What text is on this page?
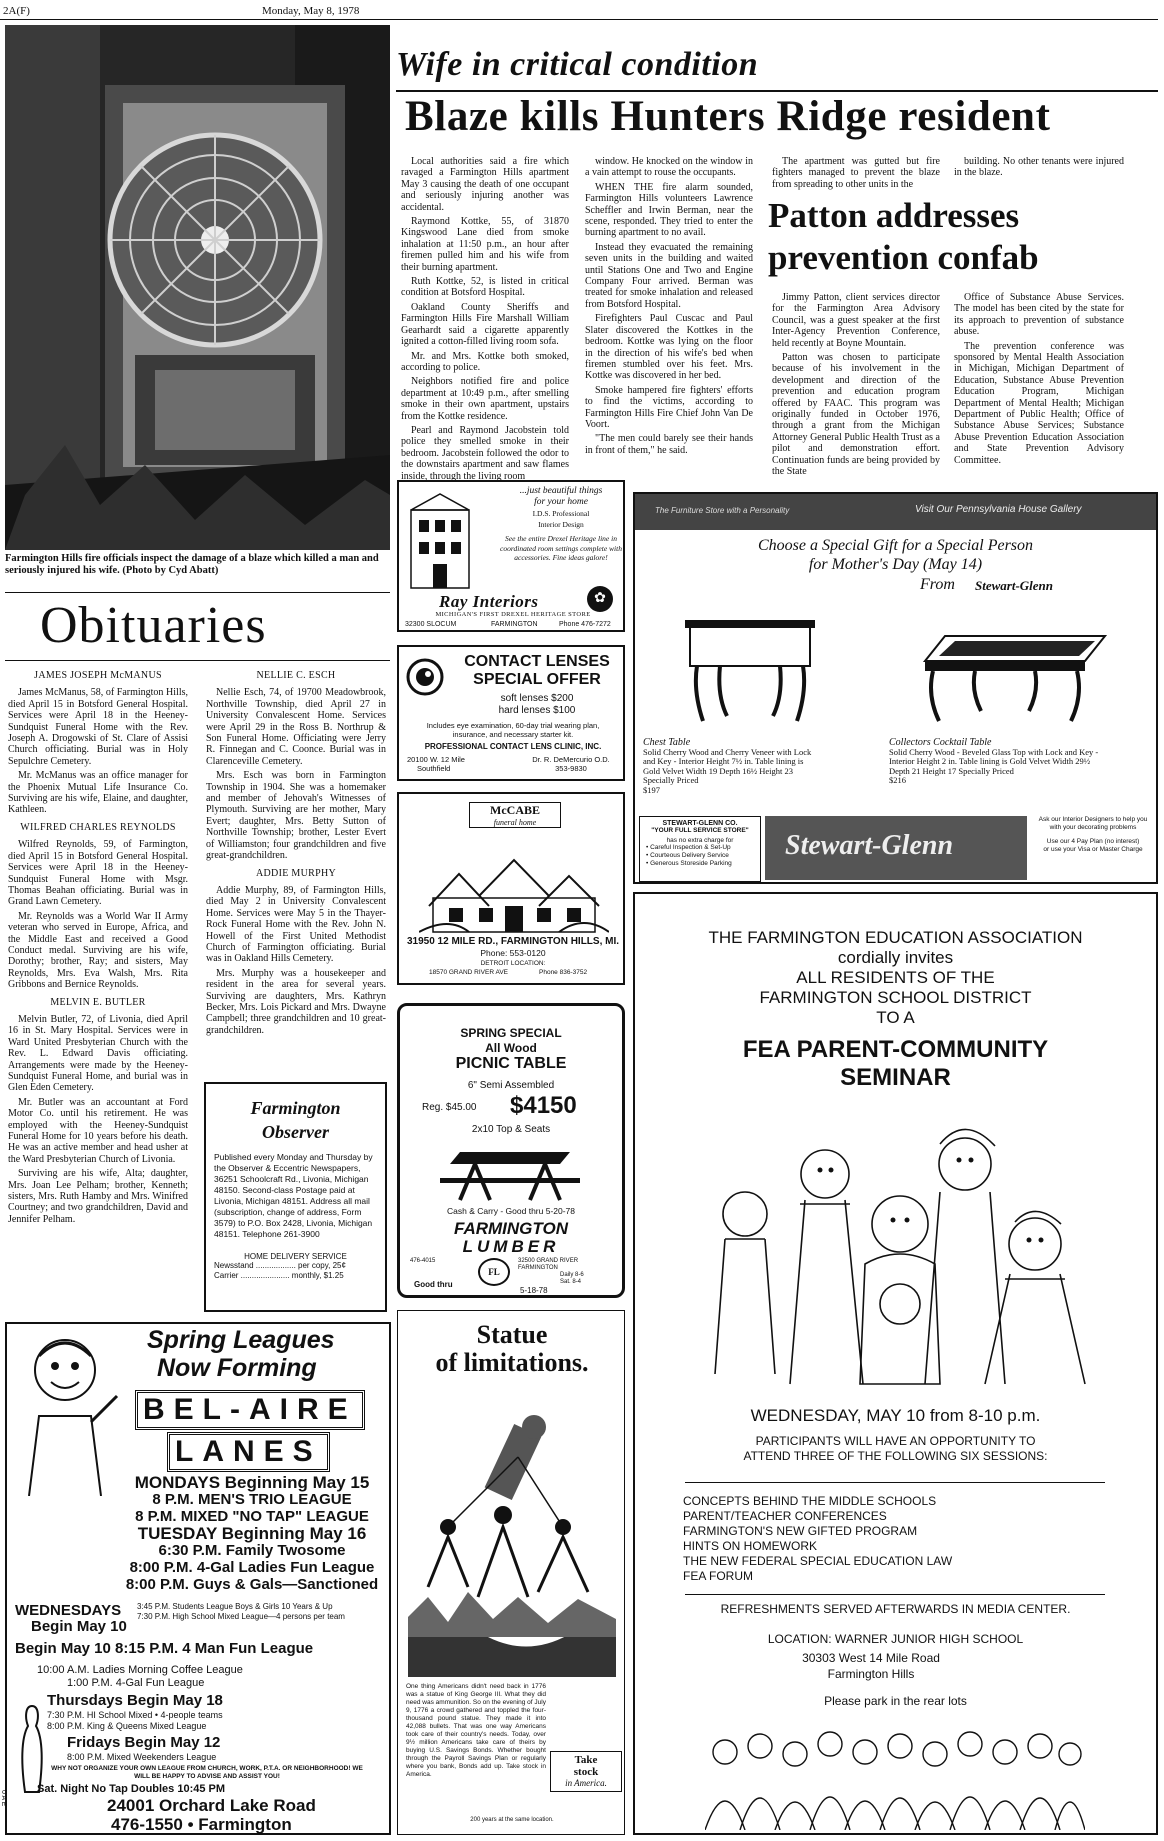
2A(F)	Monday, May 8, 1978
Farmington Hills fire officials inspect the damage of a blaze which killed a man and seriously injured his wife. (Photo by Cyd Abatt)
Wife in critical condition
Blaze kills Hunters Ridge resident

Local authorities said a fire which ravaged a Farmington Hills apartment May 3 causing the death of one occupant and seriously injuring another was accidental.

Raymond Kottke, 55, of 31870 Kingswood Lane died from smoke inhalation at 11:50 p.m., an hour after firemen pulled him and his wife from their burning apartment.

Ruth Kottke, 52, is listed in critical condition at Botsford Hospital.

Oakland County Sheriffs and Farmington Hills Fire Marshall William Gearhardt said a cigarette apparently ignited a cotton-filled living room sofa.

Mr. and Mrs. Kottke both smoked, according to police.

Neighbors notified fire and police department at 10:49 p.m., after smelling smoke in their own apartment, upstairs from the Kottke residence.

Pearl and Raymond Jacobstein told police they smelled smoke in their bedroom. Jacobstein followed the odor to the downstairs apartment and saw flames inside, through the living room

window. He knocked on the window in a vain attempt to rouse the occupants.

WHEN THE fire alarm sounded, Farmington Hills volunteers Lawrence Scheffler and Irwin Berman, near the scene, responded. They tried to enter the burning apartment to no avail.

Instead they evacuated the remaining seven units in the building and waited until Stations One and Two and Engine Company Four arrived. Berman was treated for smoke inhalation and released from Botsford Hospital.

Firefighters Paul Cuscac and Paul Slater discovered the Kottkes in the bedroom. Kottke was lying on the floor in the direction of his wife's bed when firemen stumbled over his feet. Mrs. Kottke was discovered in her bed.

Smoke hampered fire fighters' efforts to find the victims, according to Farmington Hills Fire Chief John Van De Voort.

"The men could barely see their hands in front of them," he said.

The apartment was gutted but fire fighters managed to prevent the blaze from spreading to other units in the

building. No other tenants were injured in the blaze.

Patton addresses
prevention confab

Jimmy Patton, client services director for the Farmington Area Advisory Council, was a guest speaker at the first Inter-Agency Prevention Conference, held recently at Boyne Mountain.

Patton was chosen to participate because of his involvement in the development and direction of the prevention and education program offered by FAAC. This program was originally funded in October 1976, through a grant from the Michigan Attorney General Public Health Trust as a pilot and demonstration effort. Continuation funds are being provided by the State

Office of Substance Abuse Services. The model has been cited by the state for its approach to prevention of substance abuse.

The prevention conference was sponsored by Mental Health Association in Michigan, Michigan Department of Education, Substance Abuse Prevention Education Program, Michigan Department of Mental Health; Michigan Department of Public Health; Office of Substance Abuse Services; Substance Abuse Prevention Education Association and State Prevention Advisory Committee.

Obituaries
JAMES JOSEPH McMANUS

James McManus, 58, of Farmington Hills, died April 15 in Botsford General Hospital. Services were April 18 in the Heeney-Sundquist Funeral Home with the Rev. Joseph A. Drogowski of St. Clare of Assisi Church officiating. Burial was in Holy Sepulchre Cemetery.

Mr. McManus was an office manager for the Phoenix Mutual Life Insurance Co. Surviving are his wife, Elaine, and daughter, Kathleen.

WILFRED CHARLES REYNOLDS

Wilfred Reynolds, 59, of Farmington, died April 15 in Botsford General Hospital. Services were April 18 in the Heeney-Sundquist Funeral Home with Msgr. Thomas Beahan officiating. Burial was in Grand Lawn Cemetery.

Mr. Reynolds was a World War II Army veteran who served in Europe, Africa, and the Middle East and received a Good Conduct medal. Surviving are his wife, Dorothy; brother, Ray; and sisters, May Reynolds, Mrs. Eva Walsh, Mrs. Rita Gribbons and Bernice Reynolds.

MELVIN E. BUTLER

Melvin Butler, 72, of Livonia, died April 16 in St. Mary Hospital. Services were in Ward United Presbyterian Church with the Rev. L. Edward Davis officiating. Arrangements were made by the Heeney-Sundquist Funeral Home, and burial was in Glen Eden Cemetery.

Mr. Butler was an accountant at Ford Motor Co. until his retirement. He was employed with the Heeney-Sundquist Funeral Home for 10 years before his death. He was an active member and head usher at the Ward Presbyterian Church of Livonia.

Surviving are his wife, Alta; daughter, Mrs. Joan Lee Pelham; brother, Kenneth; sisters, Mrs. Ruth Hamby and Mrs. Winifred Courtney; and two grandchildren, David and Jennifer Pelham.

NELLIE C. ESCH

Nellie Esch, 74, of 19700 Meadowbrook, Northville Township, died April 27 in University Convalescent Home. Services were April 29 in the Ross B. Northrup & Son Funeral Home. Officiating were Jerry R. Finnegan and C. Coonce. Burial was in Clarenceville Cemetery.

Mrs. Esch was born in Farmington Township in 1904. She was a homemaker and member of Jehovah's Witnesses of Plymouth. Surviving are her mother, Mary Evert; daughter, Mrs. Betty Sutton of Northville Township; brother, Lester Evert of Williamston; four grandchildren and five great-grandchildren.

ADDIE MURPHY

Addie Murphy, 89, of Farmington Hills, died May 2 in University Convalescent Home. Services were May 5 in the Thayer-Rock Funeral Home with the Rev. John N. Howell of the First United Methodist Church of Farmington officiating. Burial was in Oakland Hills Cemetery.

Mrs. Murphy was a housekeeper and resident in the area for several years. Surviving are daughters, Mrs. Kathryn Becker, Mrs. Lois Pickard and Mrs. Dwayne Campbell; three grandchildren and 10 great-grandchildren.

Farmington
Observer
Published every Monday and Thursday by the Observer & Eccentric Newspapers, 36251 Schoolcraft Rd., Livonia, Michigan 48150. Second-class Postage paid at Livonia, Michigan 48151. Address all mail (subscription, change of address, Form 3579) to P.O. Box 2428, Livonia, Michigan 48151. Telephone 261-3900
HOME DELIVERY SERVICE
Newsstand .................. per copy, 25¢
Carrier ...................... monthly, $1.25
Spring Leagues
Now Forming
BEL-AIRE
LANES
MONDAYS Beginning May 15
8 P.M. MEN'S TRIO LEAGUE
8 P.M. MIXED "NO TAP" LEAGUE
TUESDAY Beginning May 16
6:30 P.M. Family Twosome
8:00 P.M. 4-Gal Ladies Fun League
8:00 P.M. Guys & Gals—Sanctioned
WEDNESDAYS 3:45 P.M. Students League Boys & Girls 10 Years & Up
7:30 P.M. High School Mixed League—4 persons per team
Begin May 10
Begin May 10 8:15 P.M. 4 Man Fun League
10:00 A.M. Ladies Morning Coffee League
1:00 P.M. 4-Gal Fun League
Thursdays Begin May 18
7:30 P.M. HI School Mixed • 4-people teams
8:00 P.M. King & Queens Mixed League
Fridays Begin May 12
8:00 P.M. Mixed Weekenders League
WHY NOT ORGANIZE YOUR OWN LEAGUE FROM CHURCH, WORK, P.T.A. OR NEIGHBORHOOD! WE WILL BE HAPPY TO ADVISE AND ASSIST YOU!
Sat. Night No Tap Doubles 10:45 PM
24001 Orchard Lake Road
476-1550 • Farmington
...just beautiful things
for your home
I.D.S. Professional
Interior Design
See the entire Drexel Heritage line in coordinated room settings complete with accessories. Fine ideas galore!
Ray Interiors	✿
MICHIGAN'S FIRST DREXEL HERITAGE STORE
32300 SLOCUM	FARMINGTON	Phone 476-7272
CONTACT LENSES
SPECIAL OFFER
soft lenses $200
hard lenses $100
Includes eye examination, 60-day trial wearing plan, insurance, and necessary starter kit.
PROFESSIONAL CONTACT LENS CLINIC, INC.
20100 W. 12 Mile
Southfield
Dr. R. DeMercurio O.D.
353-9830
McCABE
funeral home
31950 12 MILE RD., FARMINGTON HILLS, MI.
Phone: 553-0120
DETROIT LOCATION:
18570 GRAND RIVER AVE	Phone 836-3752
SPRING SPECIAL
All Wood
PICNIC TABLE
6" Semi Assembled
Reg. $45.00 $4150
2x10 Top & Seats
Cash & Carry - Good thru 5-20-78
FARMINGTON
LUMBER
476-4015
FL
32500 GRAND RIVER FARMINGTON
Daily 8-6
Sat. 8-4
Good thru
5-18-78
Statue
of limitations.
One thing Americans didn't need back in 1776 was a statue of King George III. What they did need was ammunition. So on the evening of July 9, 1776 a crowd gathered and toppled the four-thousand pound statue. They made it into 42,088 bullets. That was one way Americans took care of their country's needs. Today, over 9½ million Americans take care of theirs by buying U.S. Savings Bonds. Whether bought through the Payroll Savings Plan or regularly where you bank, Bonds add up. Take stock in America.
Take
stock
in America.
200 years at the same location.
The Furniture Store with a Personality	Visit Our Pennsylvania House Gallery
Choose a Special Gift for a Special Person
for Mother's Day (May 14)
From Stewart-Glenn
Chest Table
Solid Cherry Wood and Cherry Veneer with Lock and Key - Interior Height 7½ in. Table lining is Gold Velvet Width 19 Depth 16½ Height 23 Specially Priced
$197
Collectors Cocktail Table
Solid Cherry Wood - Beveled Glass Top with Lock and Key - Interior Height 2 in. Table lining is Gold Velvet Width 29½ Depth 21 Height 17 Specially Priced
$216
STEWART-GLENN CO.
"YOUR FULL SERVICE STORE"
has no extra charge for
• Careful Inspection & Set-Up
• Courteous Delivery Service
• Generous Storeside Parking
Stewart-Glenn
Ask our Interior Designers to help you with your decorating problems
Use our 4 Pay Plan (no interest)
or use your Visa or Master Charge
THE FARMINGTON EDUCATION ASSOCIATION
cordially invites
ALL RESIDENTS OF THE
FARMINGTON SCHOOL DISTRICT
TO A
FEA PARENT-COMMUNITY
SEMINAR
WEDNESDAY, MAY 10 from 8-10 p.m.
PARTICIPANTS WILL HAVE AN OPPORTUNITY TO
ATTEND THREE OF THE FOLLOWING SIX SESSIONS:
CONCEPTS BEHIND THE MIDDLE SCHOOLS
PARENT/TEACHER CONFERENCES
FARMINGTON'S NEW GIFTED PROGRAM
HINTS ON HOMEWORK
THE NEW FEDERAL SPECIAL EDUCATION LAW
FEA FORUM
REFRESHMENTS SERVED AFTERWARDS IN MEDIA CENTER.
LOCATION: WARNER JUNIOR HIGH SCHOOL
30303 West 14 Mile Road
Farmington Hills
Please park in the rear lots
0 A E
